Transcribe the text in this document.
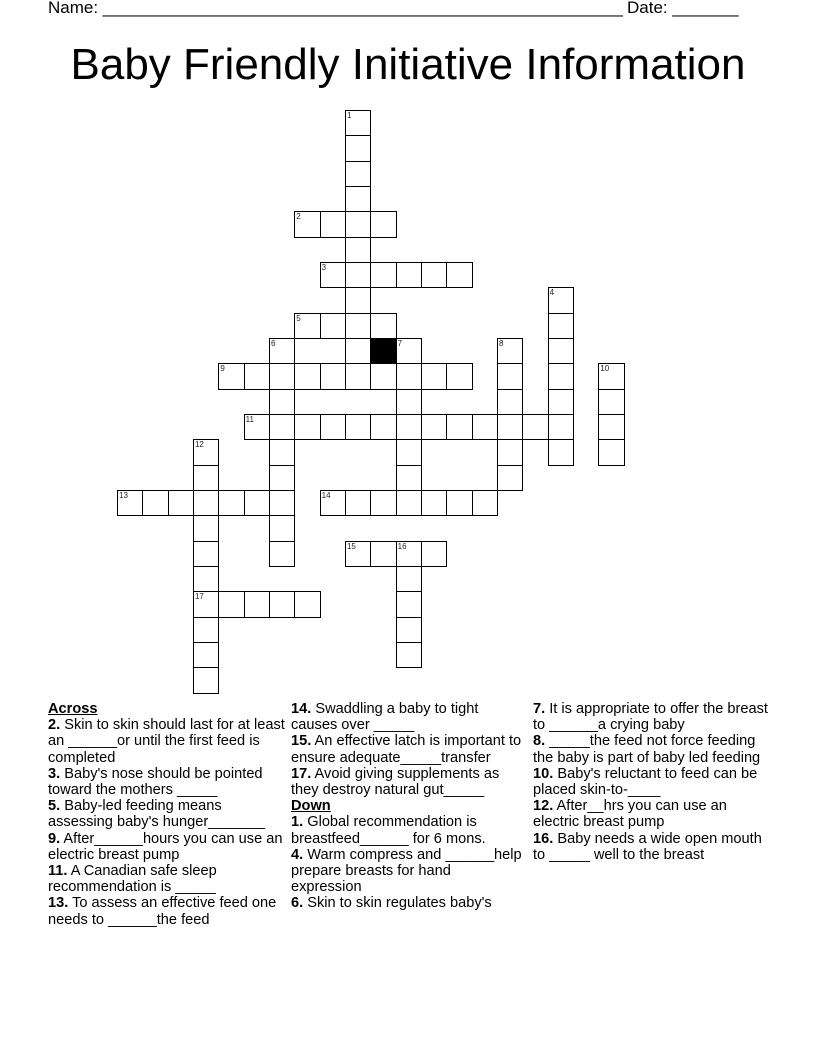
Name: _______________________________________________________ Date: _______
Baby Friendly Initiative Information
1
2
3
4
5
6	7	8
9	10
11
12
17
13	14
15	16
Across
2. Skin to skin should last for at least an ______or until the first feed is completed
3. Baby's nose should be pointed toward the mothers _____
5. Baby-led feeding means assessing baby's hunger_______
9. After______hours you can use an electric breast pump
11. A Canadian safe sleep recommendation is _____
13. To assess an effective feed one needs to ______the feed
14. Swaddling a baby to tight causes over _____
15. An effective latch is important to ensure adequate_____transfer
17. Avoid giving supplements as they destroy natural gut_____
Down
1. Global recommendation is breastfeed______ for 6 mons.
4. Warm compress and ______help prepare breasts for hand expression
6. Skin to skin regulates baby's
7. It is appropriate to offer the breast to ______a crying baby
8. _____the feed not force feeding the baby is part of baby led feeding
10. Baby's reluctant to feed can be placed skin-to-____
12. After__hrs you can use an electric breast pump
16. Baby needs a wide open mouth to _____ well to the breast
